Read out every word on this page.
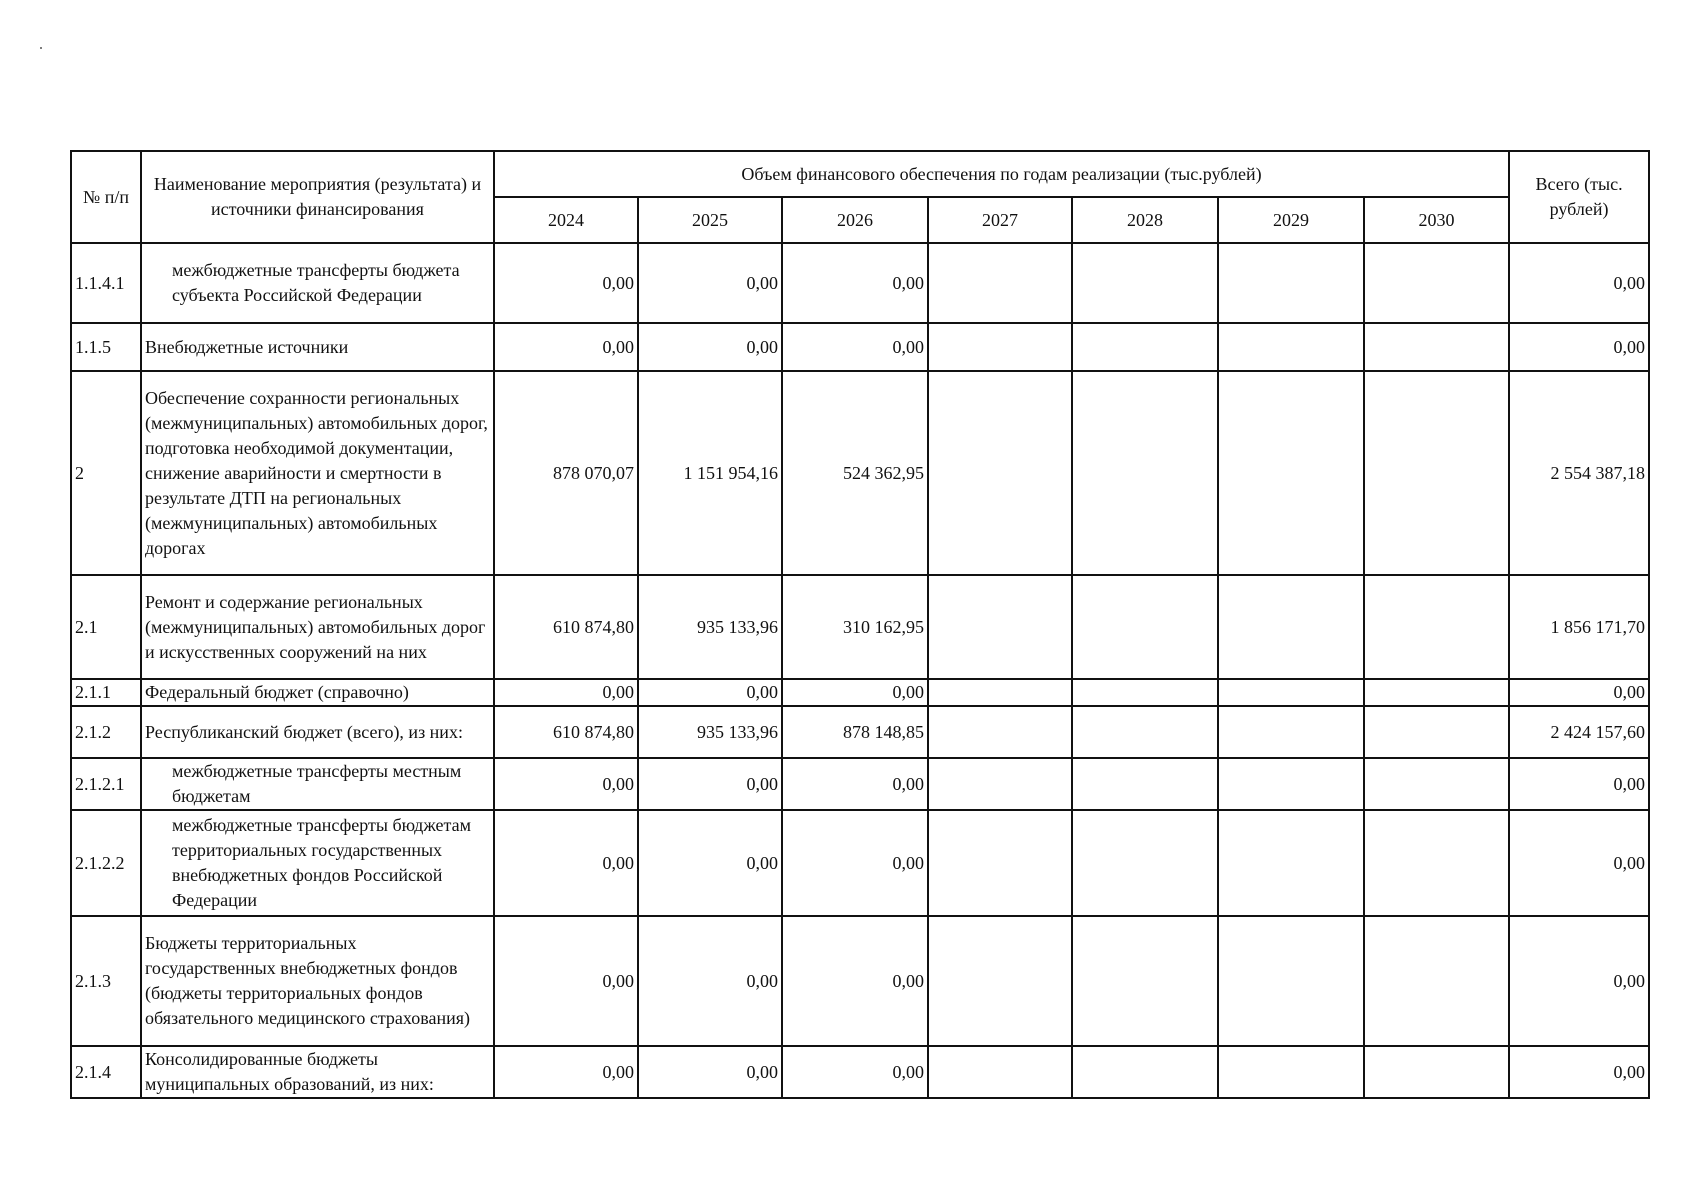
№ п/п	Наименование мероприятия (результата) и источники финансирования	Объем финансового обеспечения по годам реализации (тыс.рублей)							Всего (тыс. рублей)
		2024	2025	2026	2027	2028	2029	2030	
1.1.4.1	межбюджетные трансферты бюджета субъекта Российской Федерации	0,00	0,00	0,00					0,00
1.1.5	Внебюджетные источники	0,00	0,00	0,00					0,00
2	Обеспечение сохранности региональных (межмуниципальных) автомобильных дорог, подготовка необходимой документации, снижение аварийности и смертности в результате ДТП на региональных (межмуниципальных) автомобильных дорогах	878 070,07	1 151 954,16	524 362,95					2 554 387,18
2.1	Ремонт и содержание региональных (межмуниципальных) автомобильных дорог и искусственных сооружений на них	610 874,80	935 133,96	310 162,95					1 856 171,70
2.1.1	Федеральный бюджет (справочно)	0,00	0,00	0,00					0,00
2.1.2	Республиканский бюджет (всего), из них:	610 874,80	935 133,96	878 148,85					2 424 157,60
2.1.2.1	межбюджетные трансферты местным бюджетам	0,00	0,00	0,00					0,00
2.1.2.2	межбюджетные трансферты бюджетам территориальных государственных внебюджетных фондов Российской Федерации	0,00	0,00	0,00					0,00
2.1.3	Бюджеты территориальных государственных внебюджетных фондов (бюджеты территориальных фондов обязательного медицинского страхования)	0,00	0,00	0,00					0,00
2.1.4	Консолидированные бюджеты муниципальных образований, из них:	0,00	0,00	0,00					0,00
